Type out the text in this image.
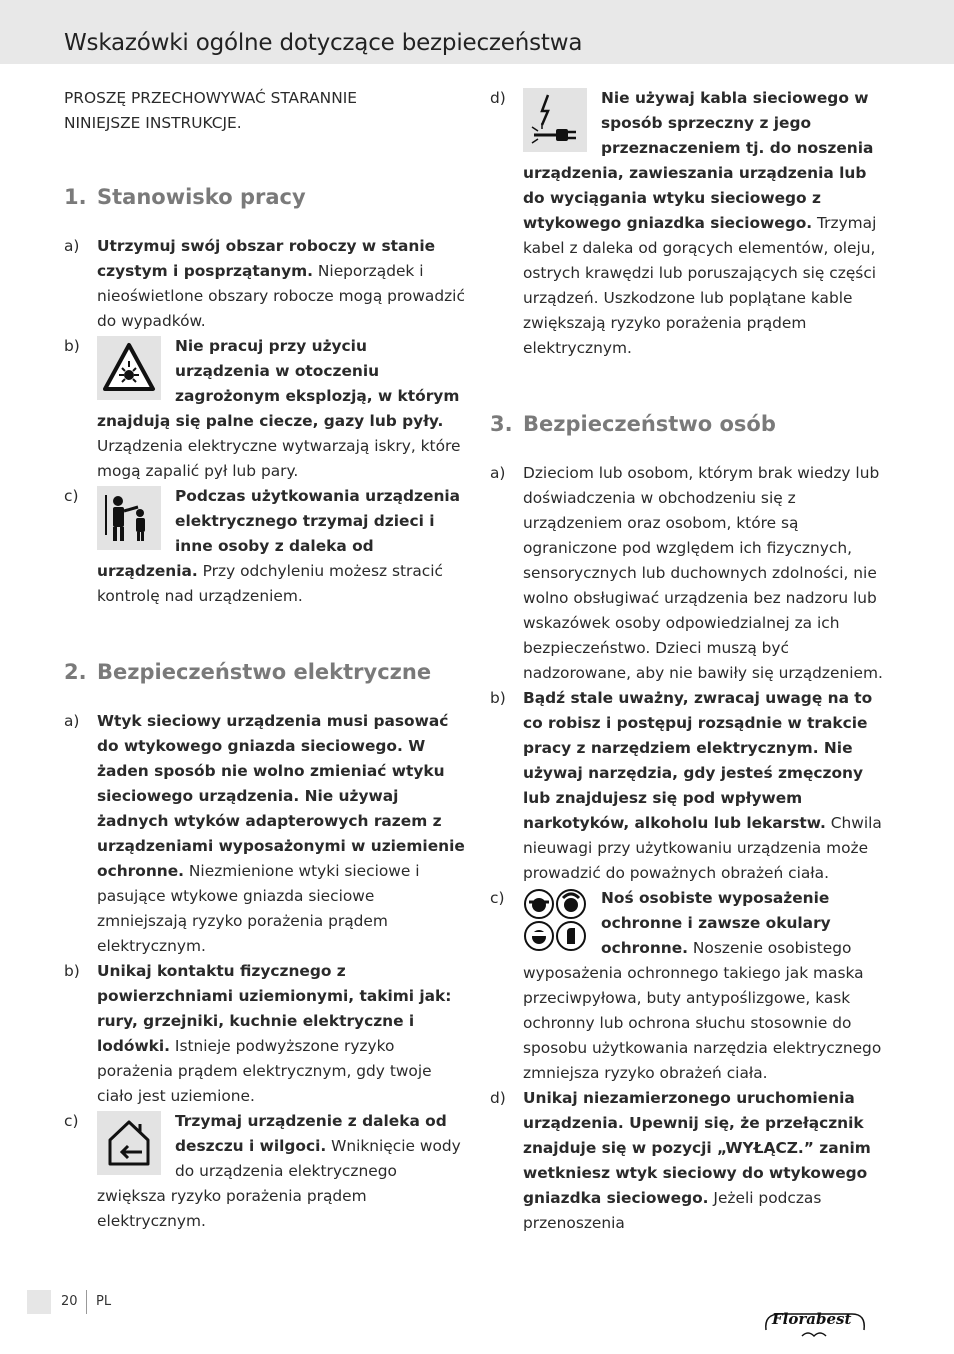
Wskazówki ogólne dotyczące bezpieczeństwa

PROSZĘ PRZECHOWYWAĆ STARANNIE NINIEJSZE INSTRUKCJE.

1. Stanowisko pracy
a) Utrzymuj swój obszar roboczy w stanie czystym i posprzątanym. Nieporządek i nieoświetlone obszary robocze mogą prowadzić do wypadków.
b)	Nie pracuj przy użyciu urządzenia w otoczeniu zagrożonym eksplozją, w którym znajdują się palne ciecze, gazy lub pyły. Urządzenia elektryczne wytwarzają iskry, które mogą zapalić pył lub pary.
c)	Podczas użytkowania urządzenia elektrycznego trzymaj dzieci i inne osoby z daleka od urządzenia. Przy odchyleniu możesz stracić kontrolę nad urządzeniem.
2. Bezpieczeństwo elektryczne
a) Wtyk sieciowy urządzenia musi pasować do wtykowego gniazda sieciowego. W żaden sposób nie wolno zmieniać wtyku sieciowego urządzenia. Nie używaj żadnych wtyków adapterowych razem z urządzeniami wyposażonymi w uziemienie ochronne. Niezmienione wtyki sieciowe i pasujące wtykowe gniazda sieciowe zmniejszają ryzyko porażenia prądem elektrycznym.
b) Unikaj kontaktu fizycznego z powierzchniami uziemionymi, takimi jak: rury, grzejniki, kuchnie elektryczne i lodówki. Istnieje podwyższone ryzyko porażenia prądem elektrycznym, gdy twoje ciało jest uziemione.
c)	Trzymaj urządzenie z daleka od deszczu i wilgoci. Wniknięcie wody do urządzenia elektrycznego zwiększa ryzyko porażenia prądem elektrycznym.
d)	Nie używaj kabla sieciowego w sposób sprzeczny z jego przeznaczeniem tj. do noszenia urządzenia, zawieszania urządzenia lub do wyciągania wtyku sieciowego z wtykowego gniazdka sieciowego. Trzymaj kabel z daleka od gorących elementów, oleju, ostrych krawędzi lub poruszających się części urządzeń. Uszkodzone lub poplątane kable zwiększają ryzyko porażenia prądem elektrycznym.
3. Bezpieczeństwo osób
a) Dzieciom lub osobom, którym brak wiedzy lub doświadczenia w obchodzeniu się z urządzeniem oraz osobom, które są ograniczone pod względem ich fizycznych, sensorycznych lub duchownych zdolności, nie wolno obsługiwać urządzenia bez nadzoru lub wskazówek osoby odpowiedzialnej za ich bezpieczeństwo. Dzieci muszą być nadzorowane, aby nie bawiły się urządzeniem.
b) Bądź stale uważny, zwracaj uwagę na to co robisz i postępuj rozsądnie w trakcie pracy z narzędziem elektrycznym. Nie używaj narzędzia, gdy jesteś zmęczony lub znajdujesz się pod wpływem narkotyków, alkoholu lub lekarstw. Chwila nieuwagi przy użytkowaniu urządzenia może prowadzić do poważnych obrażeń ciała.
c)	Noś osobiste wyposażenie ochronne i zawsze okulary ochronne. Noszenie osobistego wyposażenia ochronnego takiego jak maska przeciwpyłowa, buty antypoślizgowe, kask ochronny lub ochrona słuchu stosownie do sposobu użytkowania narzędzia elektrycznego zmniejsza ryzyko obrażeń ciała.
d) Unikaj niezamierzonego uruchomienia urządzenia. Upewnij się, że przełącznik znajduje się w pozycji „WYŁĄCZ.” zanim wetkniesz wtyk sieciowy do wtykowego gniazdka sieciowego. Jeżeli podczas przenoszenia
20 PL
Florabest
